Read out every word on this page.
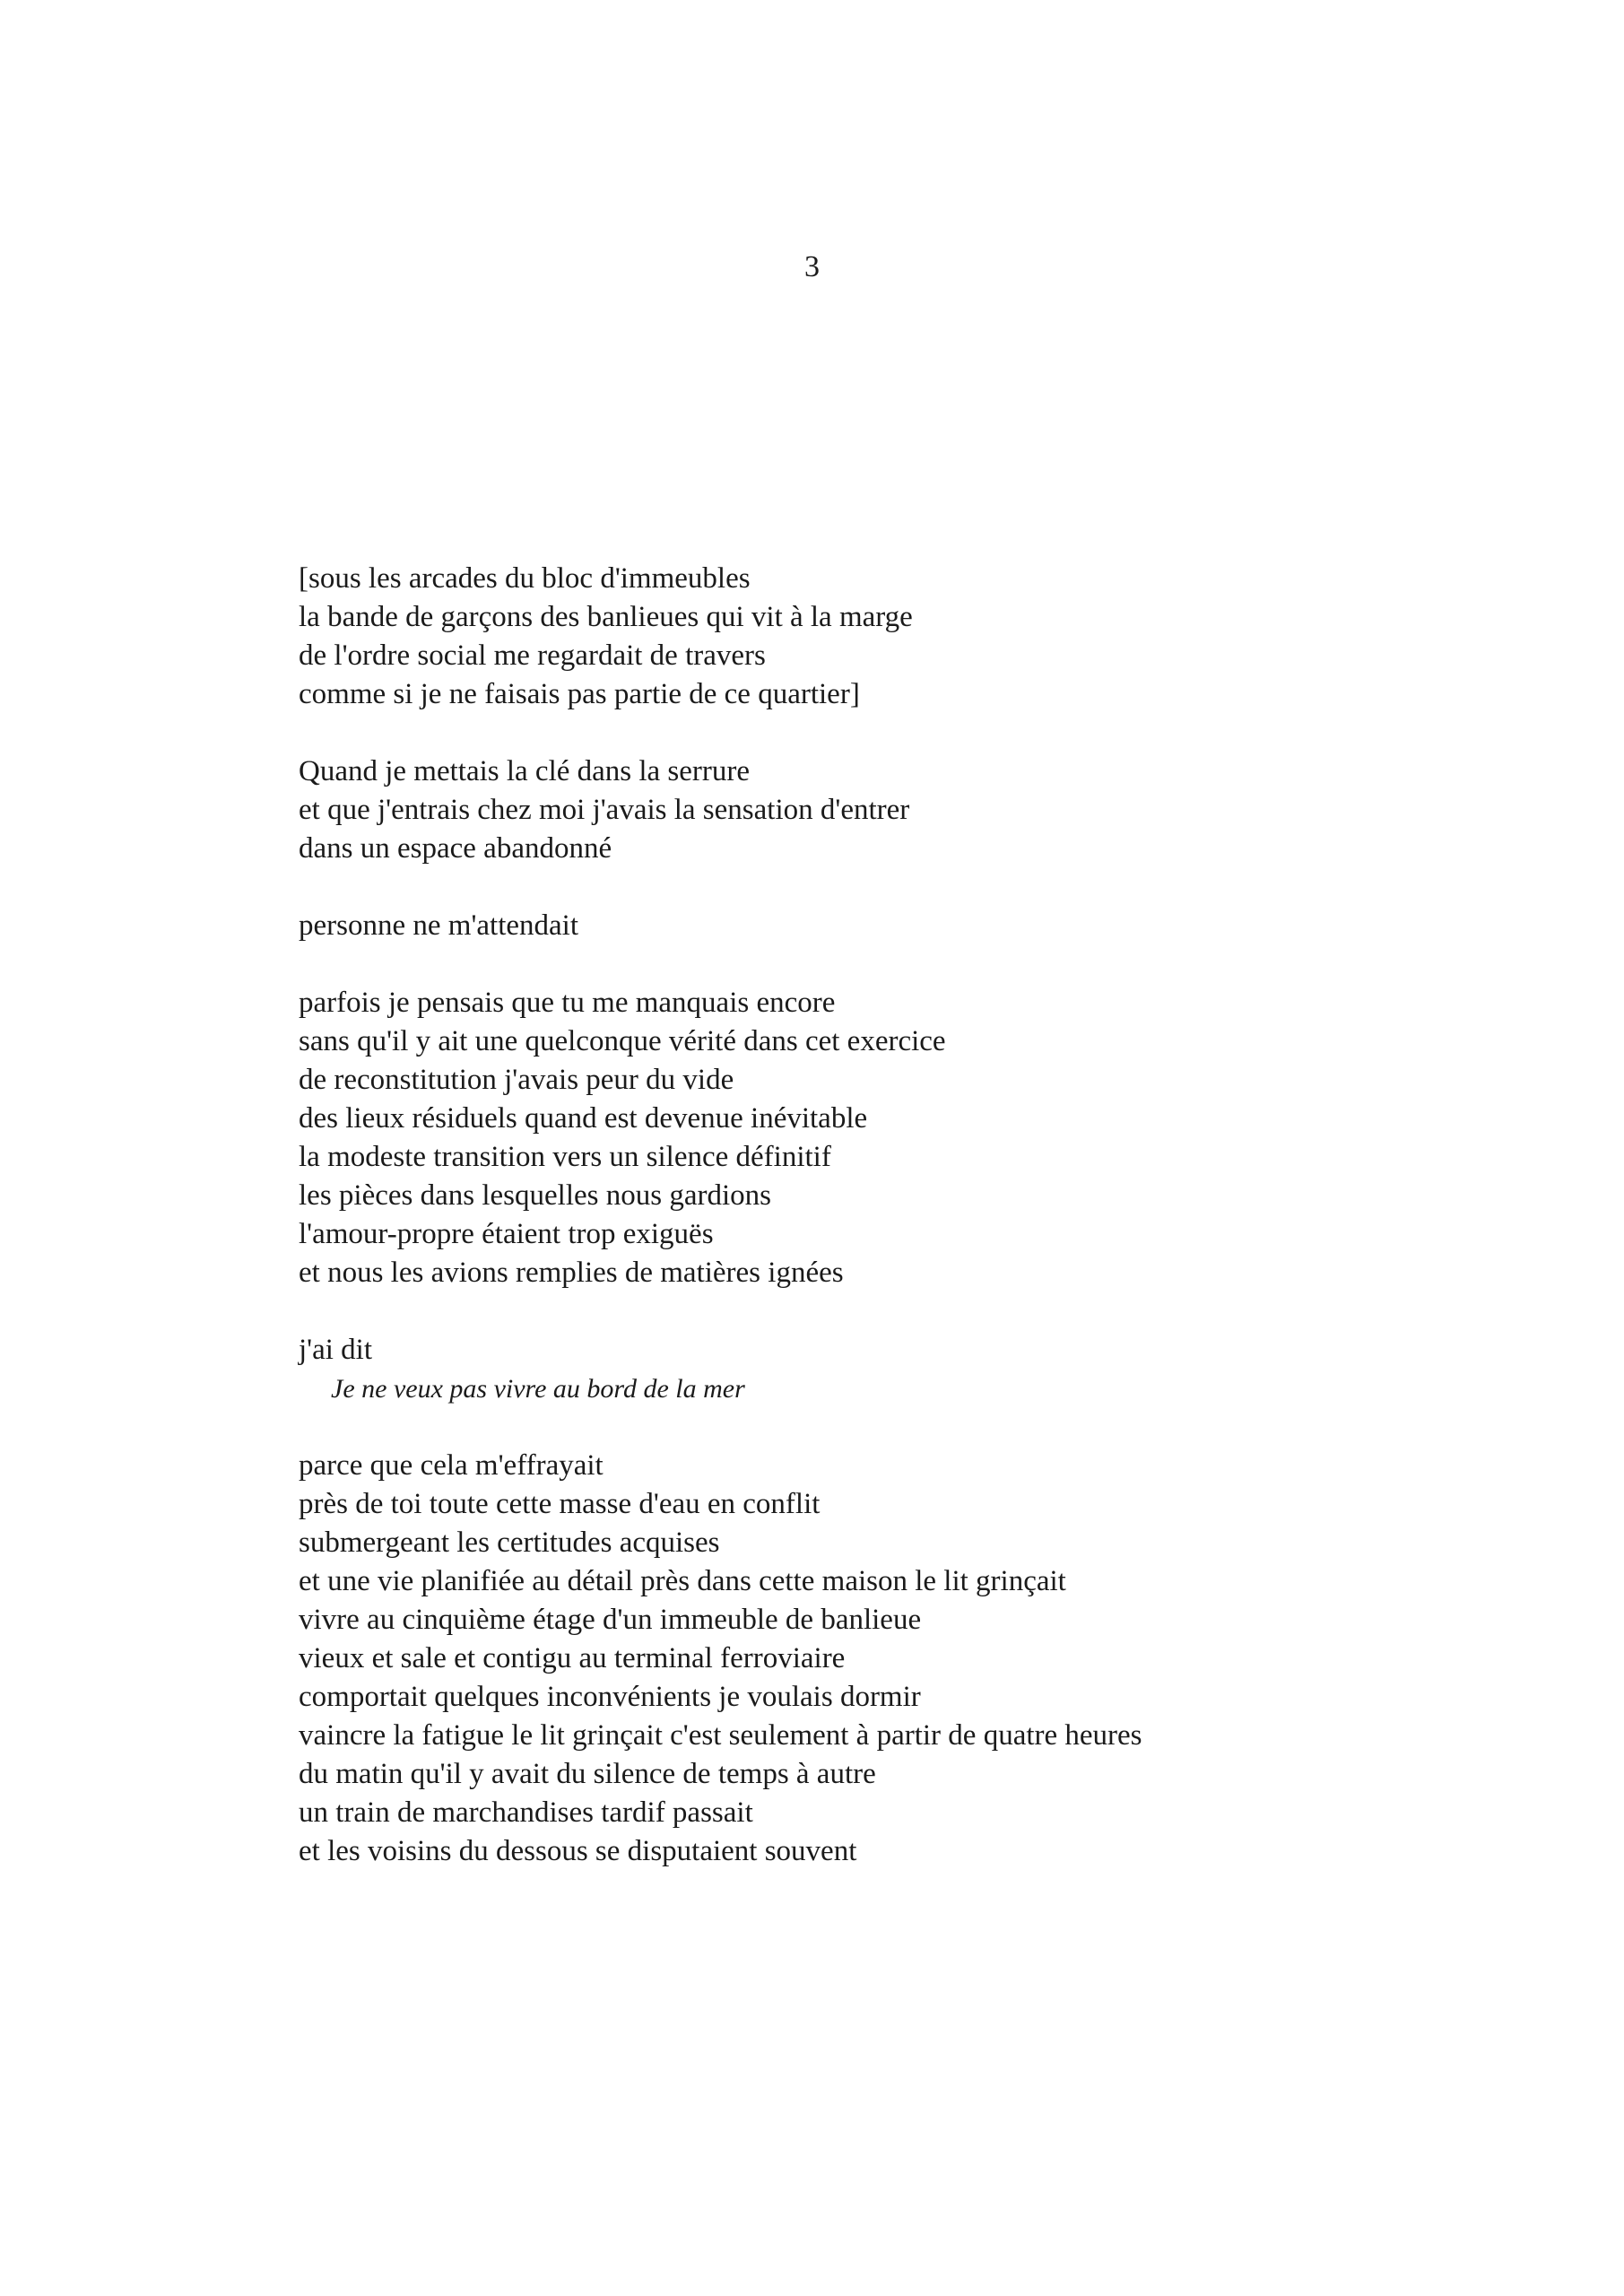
3
[sous les arcades du bloc d'immeubles
la bande de garçons des banlieues qui vit à la marge
de l'ordre social me regardait de travers
comme si je ne faisais pas partie de ce quartier]
Quand je mettais la clé dans la serrure
et que j'entrais chez moi j'avais la sensation d'entrer
dans un espace abandonné
personne ne m'attendait
parfois je pensais que tu me manquais encore
sans qu'il y ait une quelconque vérité dans cet exercice
de reconstitution j'avais peur du vide
des lieux résiduels quand est devenue inévitable
la modeste transition vers un silence définitif
les pièces dans lesquelles nous gardions
l'amour-propre étaient trop exiguës
et nous les avions remplies de matières ignées
j'ai dit
Je ne veux pas vivre au bord de la mer
parce que cela m'effrayait
près de toi toute cette masse d'eau en conflit
submergeant les certitudes acquises
et une vie planifiée au détail près dans cette maison le lit grinçait
vivre au cinquième étage d'un immeuble de banlieue
vieux et sale et contigu au terminal ferroviaire
comportait quelques inconvénients je voulais dormir
vaincre la fatigue le lit grinçait c'est seulement à partir de quatre heures
du matin qu'il y avait du silence de temps à autre
un train de marchandises tardif passait
et les voisins du dessous se disputaient souvent
